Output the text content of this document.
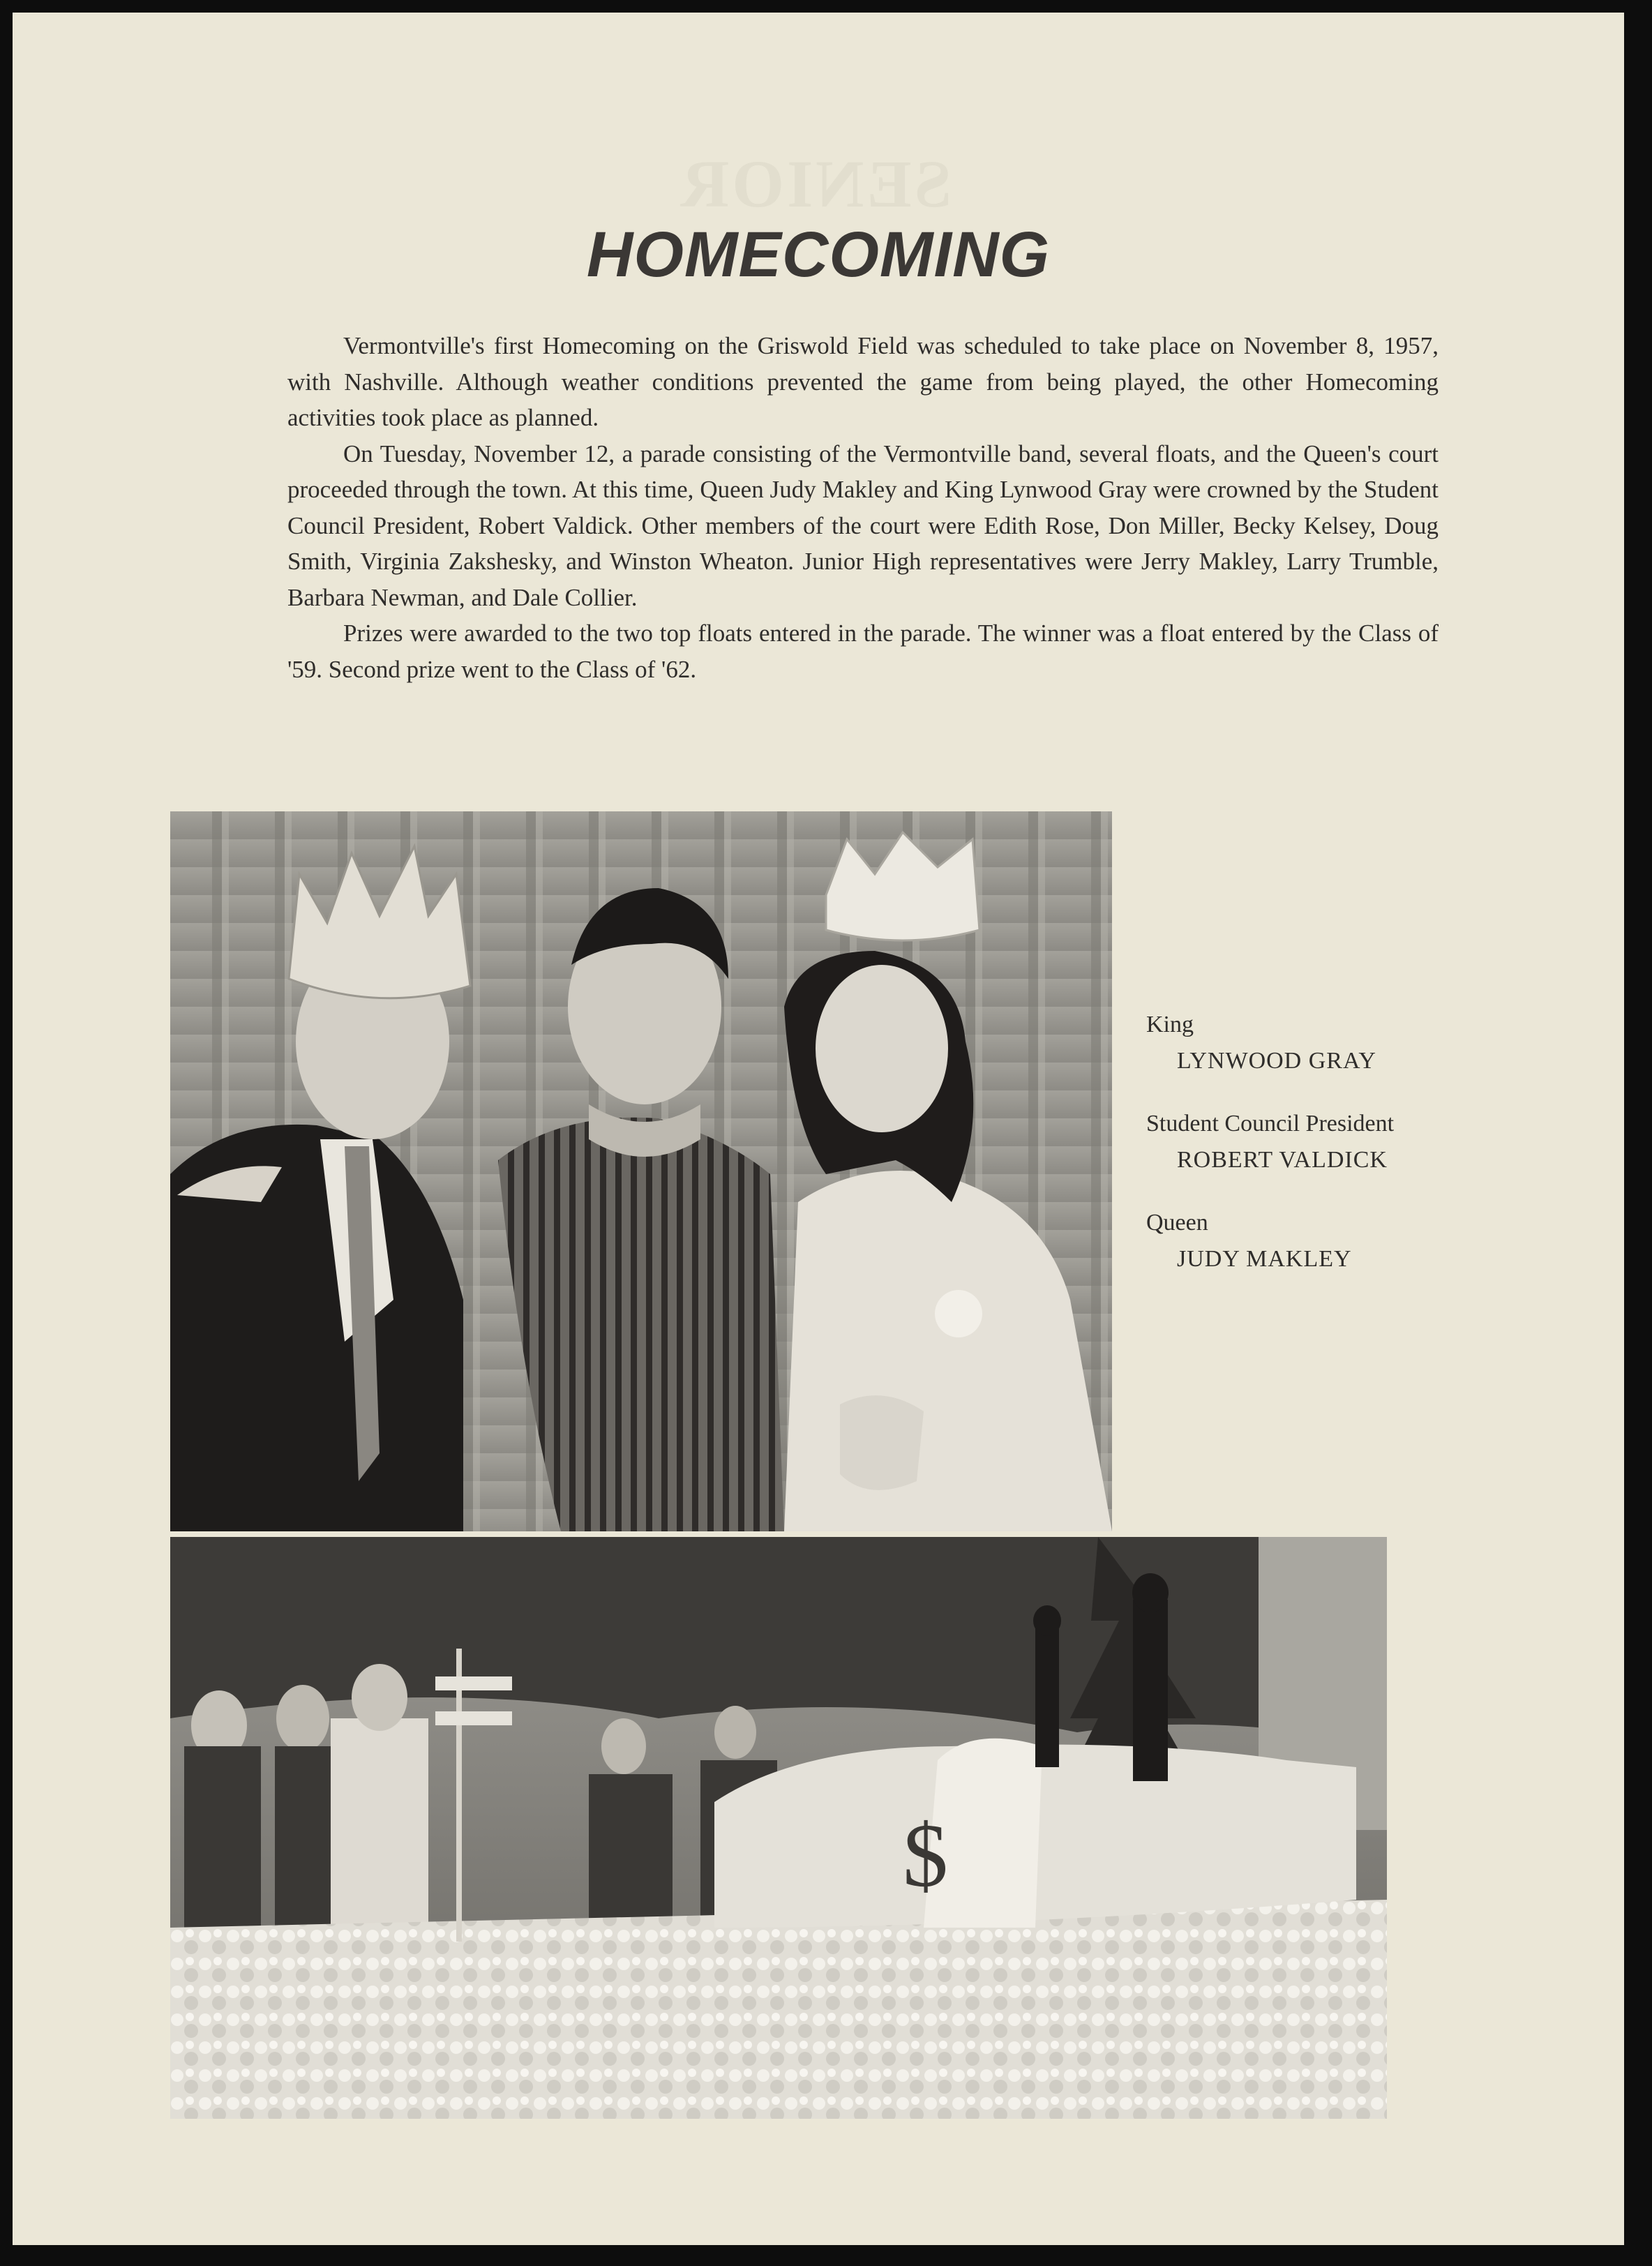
SENIOR
HOMECOMING

Vermontville's first Homecoming on the Griswold Field was scheduled to take place on November 8, 1957, with Nashville. Although weather conditions prevented the game from being played, the other Homecoming activities took place as planned.

On Tuesday, November 12, a parade consisting of the Vermontville band, several floats, and the Queen's court proceeded through the town. At this time, Queen Judy Makley and King Lynwood Gray were crowned by the Student Council President, Robert Valdick. Other members of the court were Edith Rose, Don Miller, Becky Kelsey, Doug Smith, Virginia Zakshesky, and Winston Wheaton. Junior High representatives were Jerry Makley, Larry Trumble, Barbara Newman, and Dale Collier.

Prizes were awarded to the two top floats entered in the parade. The winner was a float entered by the Class of '59. Second prize went to the Class of '62.

$
King
LYNWOOD GRAY
Student Council President
ROBERT VALDICK
Queen
JUDY MAKLEY
